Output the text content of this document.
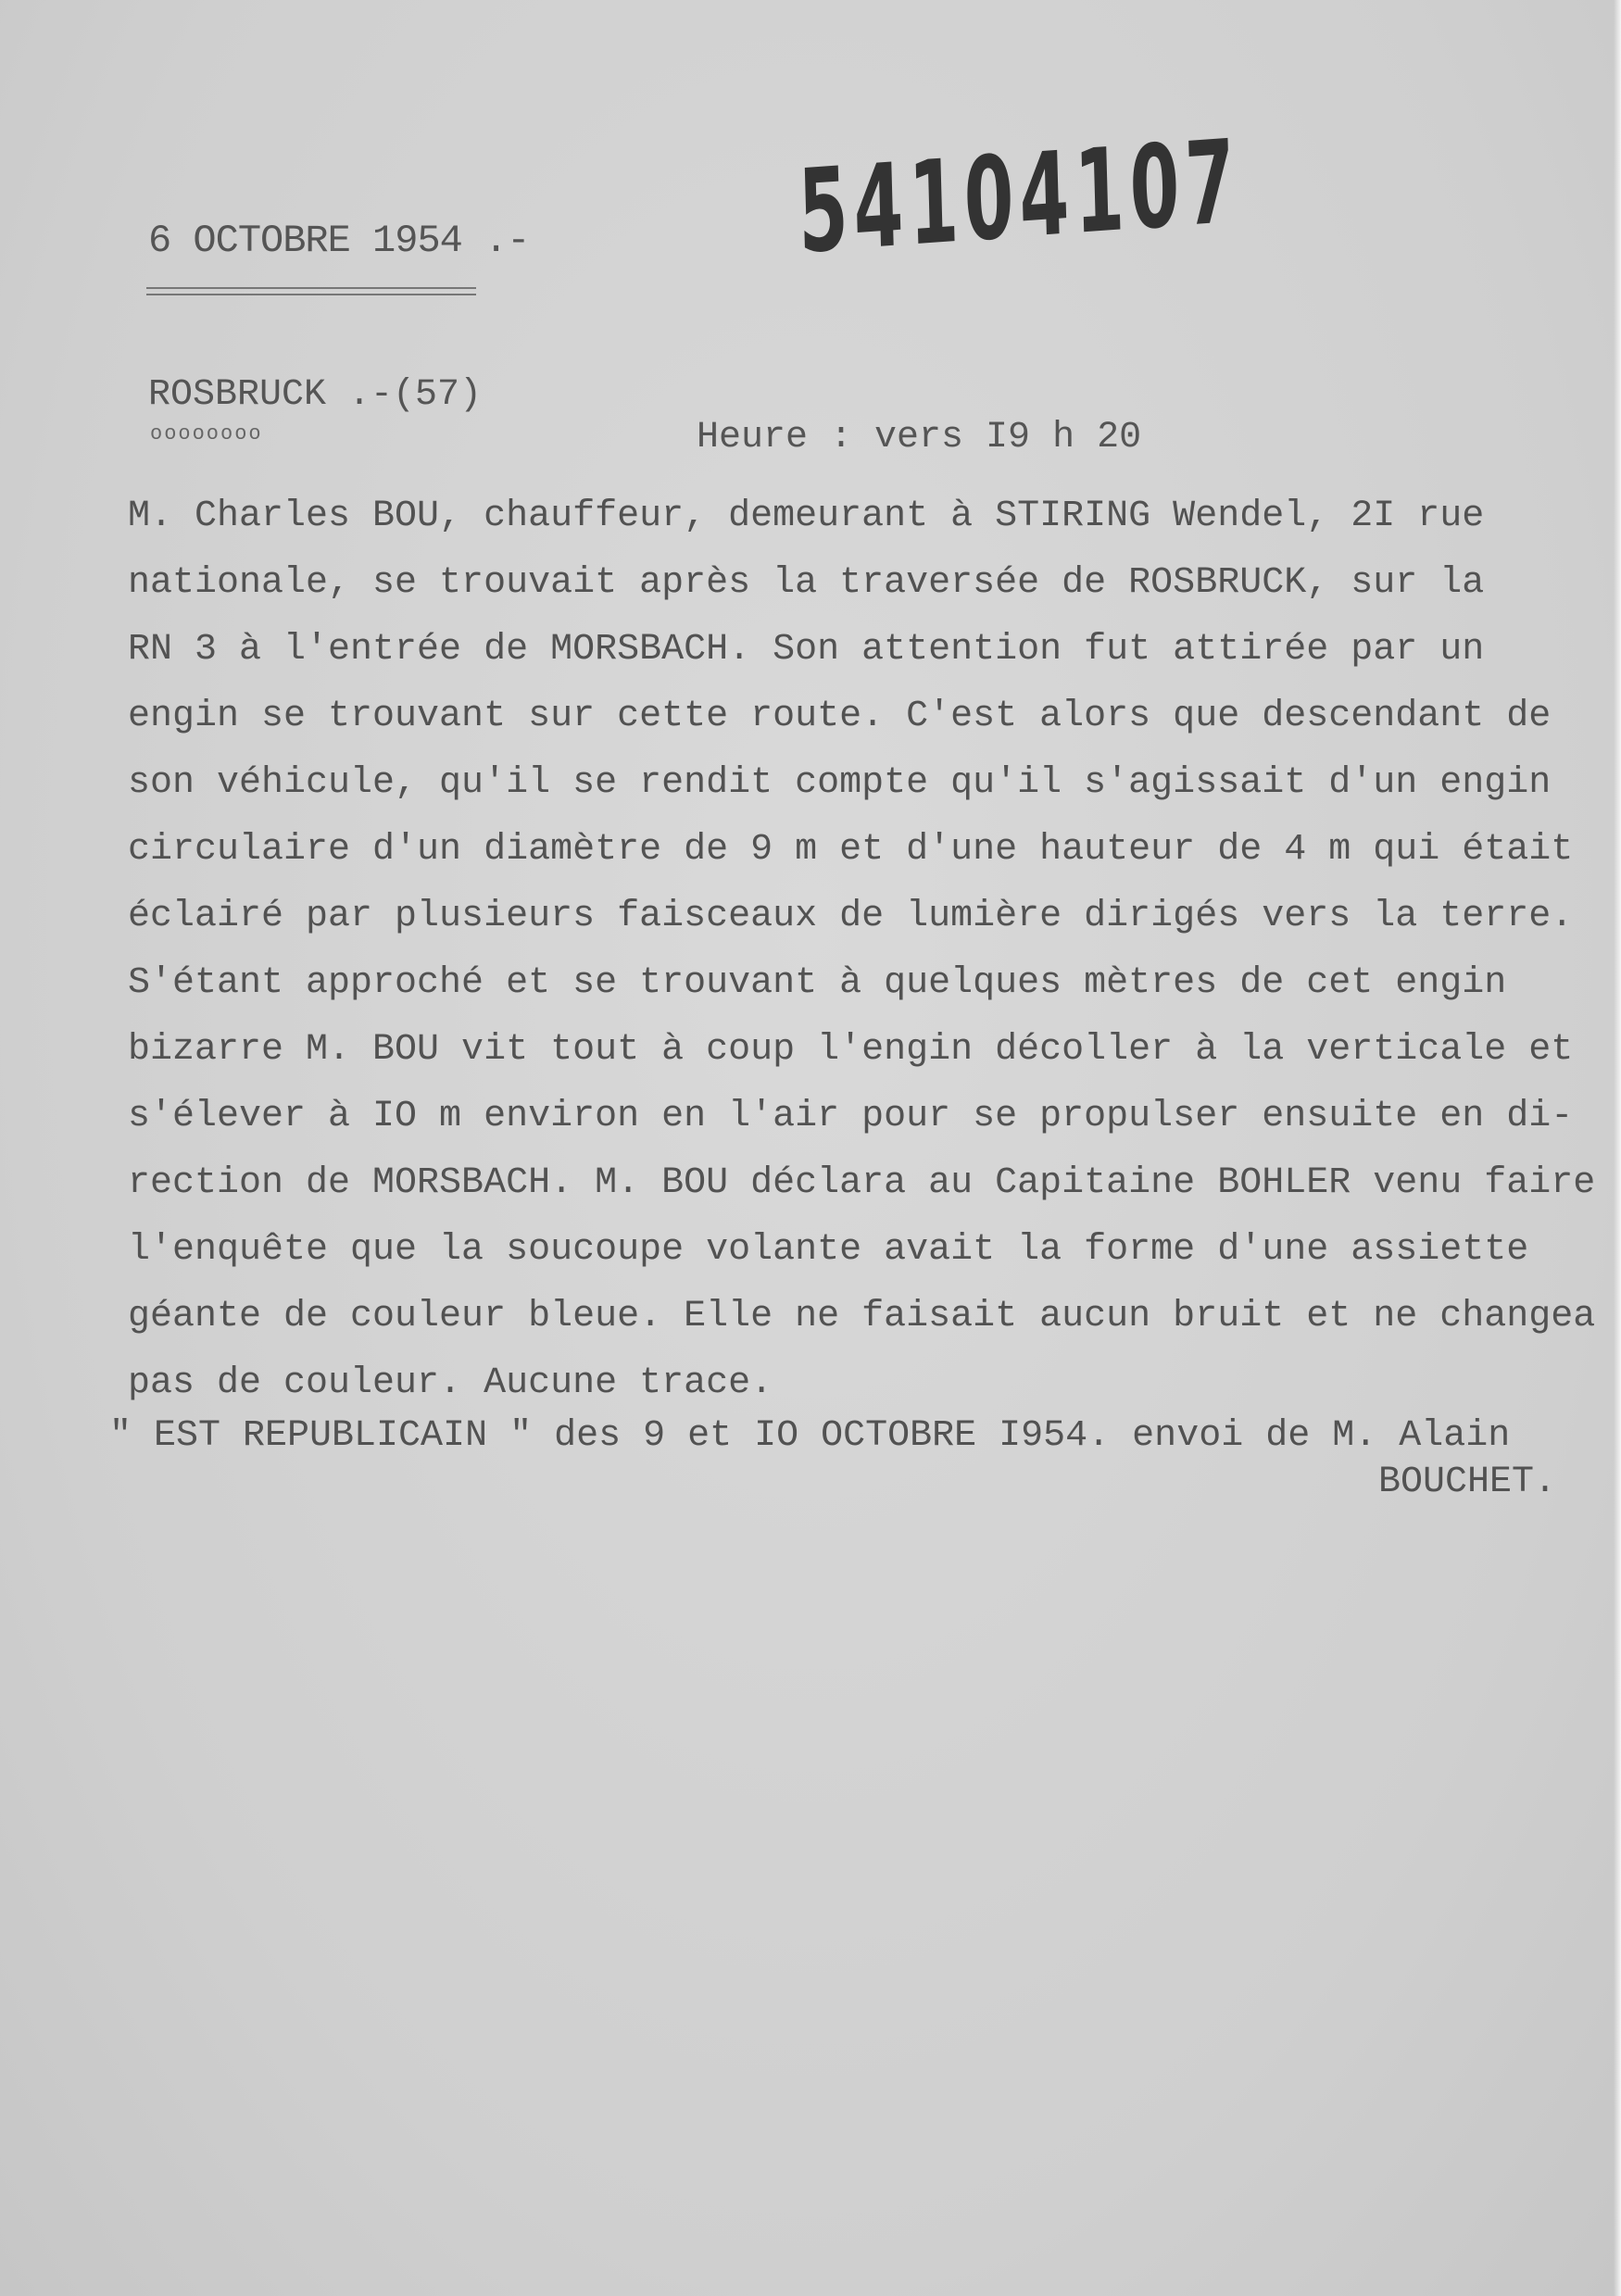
6 OCTOBRE 1954 .- 54104107
ROSBRUCK .-(57)
oooooooo	Heure : vers I9 h 20
M. Charles BOU, chauffeur, demeurant à STIRING Wendel, 2I rue
nationale, se trouvait après la traversée de ROSBRUCK, sur la
RN 3 à l'entrée de MORSBACH. Son attention fut attirée par un
engin se trouvant sur cette route. C'est alors que descendant de
son véhicule, qu'il se rendit compte qu'il s'agissait d'un engin
circulaire d'un diamètre de 9 m et d'une hauteur de 4 m qui était
éclairé par plusieurs faisceaux de lumière dirigés vers la terre.
S'étant approché et se trouvant à quelques mètres de cet engin
bizarre M. BOU vit tout à coup l'engin décoller à la verticale et
s'élever à IO m environ en l'air pour se propulser ensuite en di-
rection de MORSBACH. M. BOU déclara au Capitaine BOHLER venu faire
l'enquête que la soucoupe volante avait la forme d'une assiette
géante de couleur bleue. Elle ne faisait aucun bruit et ne changea
pas de couleur. Aucune trace.
" EST REPUBLICAIN " des 9 et IO OCTOBRE I954. envoi de M. Alain
BOUCHET.
